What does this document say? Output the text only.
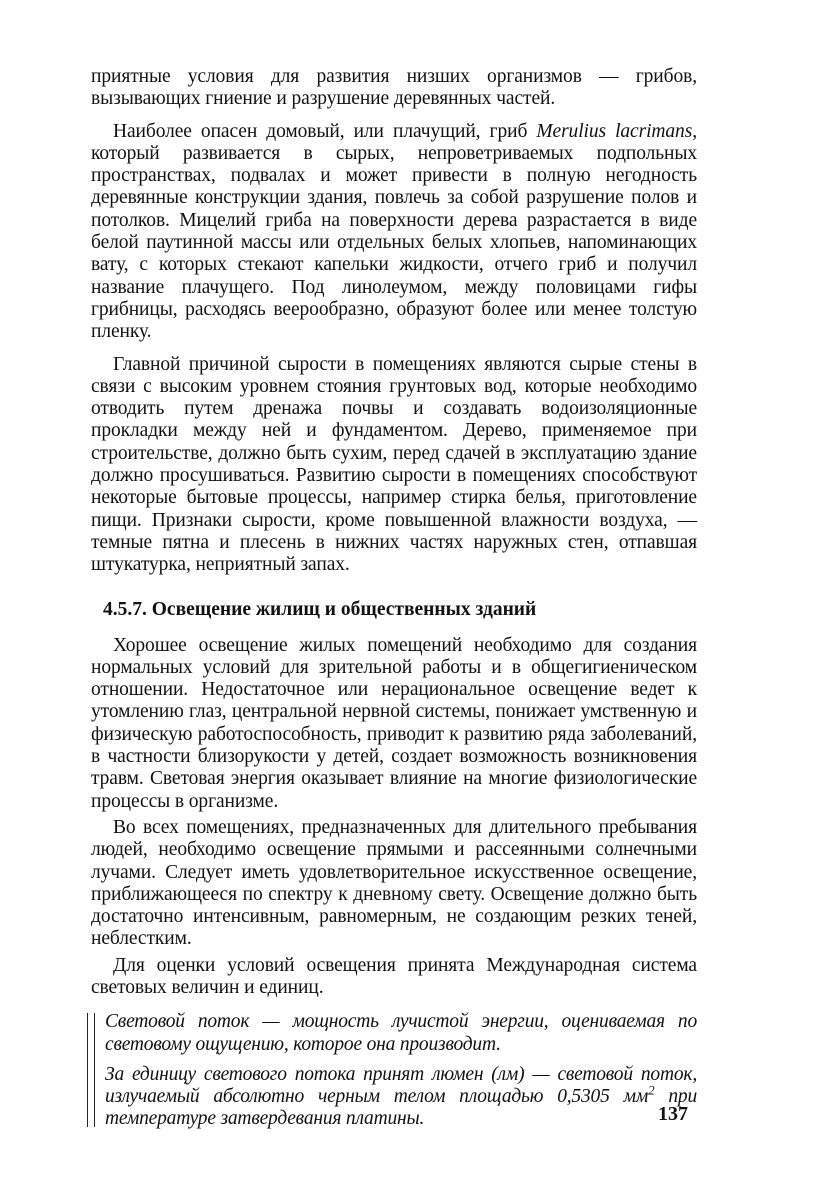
приятные условия для развития низших организмов — грибов, вызывающих гниение и разрушение деревянных частей.

Наиболее опасен домовый, или плачущий, гриб Merulius lacrimans, который развивается в сырых, непроветриваемых подпольных пространствах, подвалах и может привести в полную негодность деревянные конструкции здания, повлечь за собой разрушение полов и потолков. Мицелий гриба на поверхности дерева разрастается в виде белой паутинной массы или отдельных белых хлопьев, напоминающих вату, с которых стекают капельки жидкости, отчего гриб и получил название плачущего. Под линолеумом, между половицами гифы грибницы, расходясь веерообразно, образуют более или менее толстую пленку.

Главной причиной сырости в помещениях являются сырые стены в связи с высоким уровнем стояния грунтовых вод, которые необходимо отводить путем дренажа почвы и создавать водоизоляционные прокладки между ней и фундаментом. Дерево, применяемое при строительстве, должно быть сухим, перед сдачей в эксплуатацию здание должно просушиваться. Развитию сырости в помещениях способствуют некоторые бытовые процессы, например стирка белья, приготовление пищи. Признаки сырости, кроме повышенной влажности воздуха, — темные пятна и плесень в нижних частях наружных стен, отпавшая штукатурка, неприятный запах.

4.5.7. Освещение жилищ и общественных зданий

Хорошее освещение жилых помещений необходимо для создания нормальных условий для зрительной работы и в общегигиеническом отношении. Недостаточное или нерациональное освещение ведет к утомлению глаз, центральной нервной системы, понижает умственную и физическую работоспособность, приводит к развитию ряда заболеваний, в частности близорукости у детей, создает возможность возникновения травм. Световая энергия оказывает влияние на многие физиологические процессы в организме.

Во всех помещениях, предназначенных для длительного пребывания людей, необходимо освещение прямыми и рассеянными солнечными лучами. Следует иметь удовлетворительное искусственное освещение, приближающееся по спектру к дневному свету. Освещение должно быть достаточно интенсивным, равномерным, не создающим резких теней, неблестким.

Для оценки условий освещения принята Международная система световых величин и единиц.

Световой поток — мощность лучистой энергии, оцениваемая по световому ощущению, которое она производит.

За единицу светового потока принят люмен (лм) — световой поток, излучаемый абсолютно черным телом площадью 0,5305 $мм^2$ при температуре затвердевания платины.	137
